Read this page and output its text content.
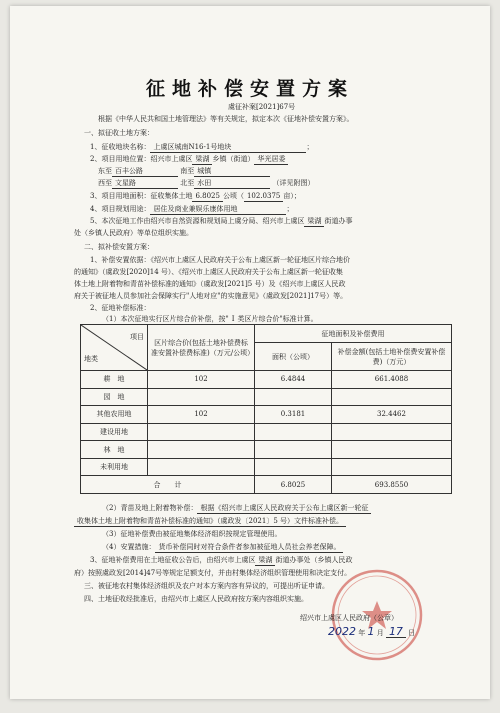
征地补偿安置方案
虞征补案[2021]67号
根据《中华人民共和国土地管理法》等有关规定，拟定本次《征地补偿安置方案》。
一、拟征收土地方案：
1、征收地块名称： 上虞区城南N16-1号地块	；
2、项目用地位置：绍兴市上虞区 梁湖 乡镇（街道） 华光居委
东至 百丰公路	南至 城镇
西至 文星路	北至 水田	（详见附图）
3、项目用地面积：征收集体土地 6.8025 公顷（ 102.0375 亩）；
4、项目规划用途： 居住及商业兼娱乐康体用地	；
5、本次征地工作由绍兴市自然资源和规划局上虞分局、绍兴市上虞区 梁湖 街道办事
处（乡镇人民政府）等单位组织实施。
二、拟补偿安置方案：
1、补偿安置依据：《绍兴市上虞区人民政府关于公布上虞区新一轮征地区片综合地价
的通知》（虞政发[2020]14 号）、《绍兴市上虞区人民政府关于公布上虞区新一轮征收集
体土地上附着物和青苗补偿标准的通知》（虞政发[2021]5 号）及《绍兴市上虞区人民政
府关于被征地人员参加社会保障实行"人地对应"的实施意见》（虞政发[2021]17号）等。
2、征地补偿标准：
（1）本次征地实行区片综合价补偿，按" Ⅰ 类区片综合价"标准计算。
项目
地类	区片综合价(包括土地补偿费标准安置补偿费标准)（万元/公顷）	征地面积及补偿费用	
		面积（公顷）	补偿金额(包括土地补偿费安置补偿费)（万元）
耕　地	102	6.4844	661.4088
园　地			
其他农用地	102	0.3181	32.4462
建设用地			
林　地			
未利用地			
合　　计		6.8025	693.8550
（2）青苗及地上附着物补偿： 根据《绍兴市上虞区人民政府关于公布上虞区新一轮征
收集体土地上附着物和青苗补偿标准的通知》（虞政发〔2021〕5 号）文件标准补偿。
（3）征地补偿费由被征地集体经济组织按规定管理使用。
（4）安置措施： 货币补偿同时对符合条件者参加被征地人员社会养老保障。
3、征地补偿费用在土地征收公告后，由绍兴市上虞区 梁湖 街道办事处（乡镇人民政
府）按照虞政发[2014]47号等规定足额支付，并由村集体经济组织管理使用和决定支付。
三、被征地农村集体经济组织及农户对本方案内容有异议的，可提出听证申请。
四、土地征收经批准后，由绍兴市上虞区人民政府按方案内容组织实施。
绍兴市上虞区人民政府（公章）
2022 年 1 月 17 日
